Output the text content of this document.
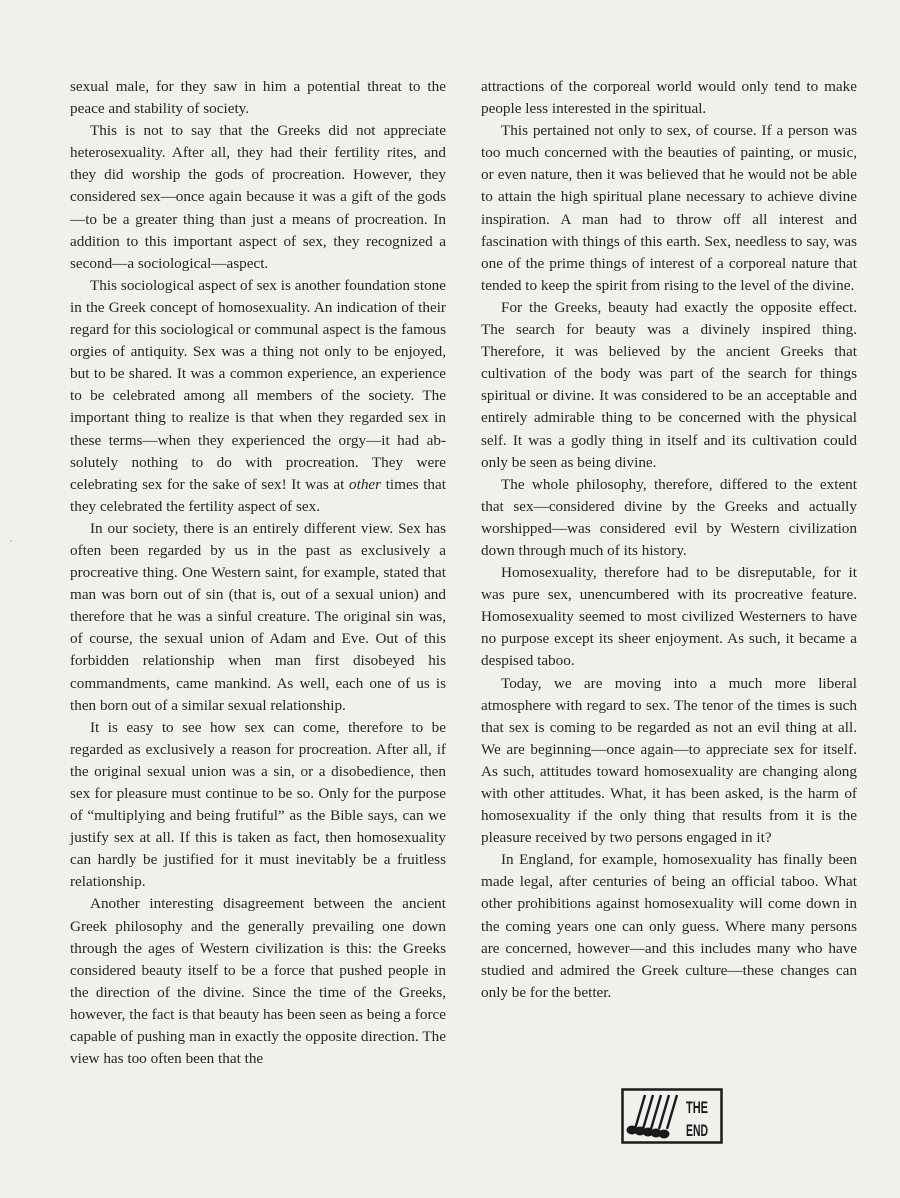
sexual male, for they saw in him a potential threat to the peace and stability of society.

This is not to say that the Greeks did not appreciate heterosexuality. After all, they had their fertility rites, and they did worship the gods of procreation. However, they considered sex—once again because it was a gift of the gods—to be a greater thing than just a means of procreation. In addition to this important aspect of sex, they recognized a second—a sociological—aspect.

This sociological aspect of sex is another foundation stone in the Greek concept of homosexuality. An indication of their regard for this sociological or communal aspect is the famous orgies of antiquity. Sex was a thing not only to be enjoyed, but to be shared. It was a common experience, an experience to be celebrated among all members of the society. The important thing to realize is that when they regarded sex in these terms—when they experienced the orgy—it had absolutely nothing to do with procreation. They were celebrating sex for the sake of sex! It was at other times that they celebrated the fertility aspect of sex.

In our society, there is an entirely different view. Sex has often been regarded by us in the past as exclusively a procreative thing. One Western saint, for example, stated that man was born out of sin (that is, out of a sexual union) and therefore that he was a sinful creature. The original sin was, of course, the sexual union of Adam and Eve. Out of this forbidden relationship when man first disobeyed his commandments, came mankind. As well, each one of us is then born out of a similar sexual relationship.

It is easy to see how sex can come, therefore to be regarded as exclusively a reason for procreation. After all, if the original sexual union was a sin, or a disobedience, then sex for pleasure must continue to be so. Only for the purpose of “multiplying and being frutiful” as the Bible says, can we justify sex at all. If this is taken as fact, then homosexuality can hardly be justified for it must inevitably be a fruitless relationship.

Another interesting disagreement between the ancient Greek philosophy and the generally prevailing one down through the ages of Western civilization is this: the Greeks considered beauty itself to be a force that pushed people in the direction of the divine. Since the time of the Greeks, however, the fact is that beauty has been seen as being a force capable of pushing man in exactly the opposite direction. The view has too often been that the

attractions of the corporeal world would only tend to make people less interested in the spiritual.

This pertained not only to sex, of course. If a person was too much concerned with the beauties of painting, or music, or even nature, then it was believed that he would not be able to attain the high spiritual plane necessary to achieve divine inspiration. A man had to throw off all interest and fascination with things of this earth. Sex, needless to say, was one of the prime things of interest of a corporeal nature that tended to keep the spirit from rising to the level of the divine.

For the Greeks, beauty had exactly the opposite effect. The search for beauty was a divinely inspired thing. Therefore, it was believed by the ancient Greeks that cultivation of the body was part of the search for things spiritual or divine. It was considered to be an acceptable and entirely admirable thing to be concerned with the physical self. It was a godly thing in itself and its cultivation could only be seen as being divine.

The whole philosophy, therefore, differed to the extent that sex—considered divine by the Greeks and actually worshipped—was considered evil by Western civilization down through much of its history.

Homosexuality, therefore had to be disreputable, for it was pure sex, unencumbered with its procreative feature. Homosexuality seemed to most civilized Westerners to have no purpose except its sheer enjoyment. As such, it became a despised taboo.

Today, we are moving into a much more liberal atmosphere with regard to sex. The tenor of the times is such that sex is coming to be regarded as not an evil thing at all. We are beginning—once again—to appreciate sex for itself. As such, attitudes toward homosexuality are changing along with other attitudes. What, it has been asked, is the harm of homosexuality if the only thing that results from it is the pleasure received by two persons engaged in it?

In England, for example, homosexuality has finally been made legal, after centuries of being an official taboo. What other prohibitions against homosexuality will come down in the coming years one can only guess. Where many persons are concerned, however—and this includes many who have studied and admired the Greek culture—these changes can only be for the better.

THE
END
